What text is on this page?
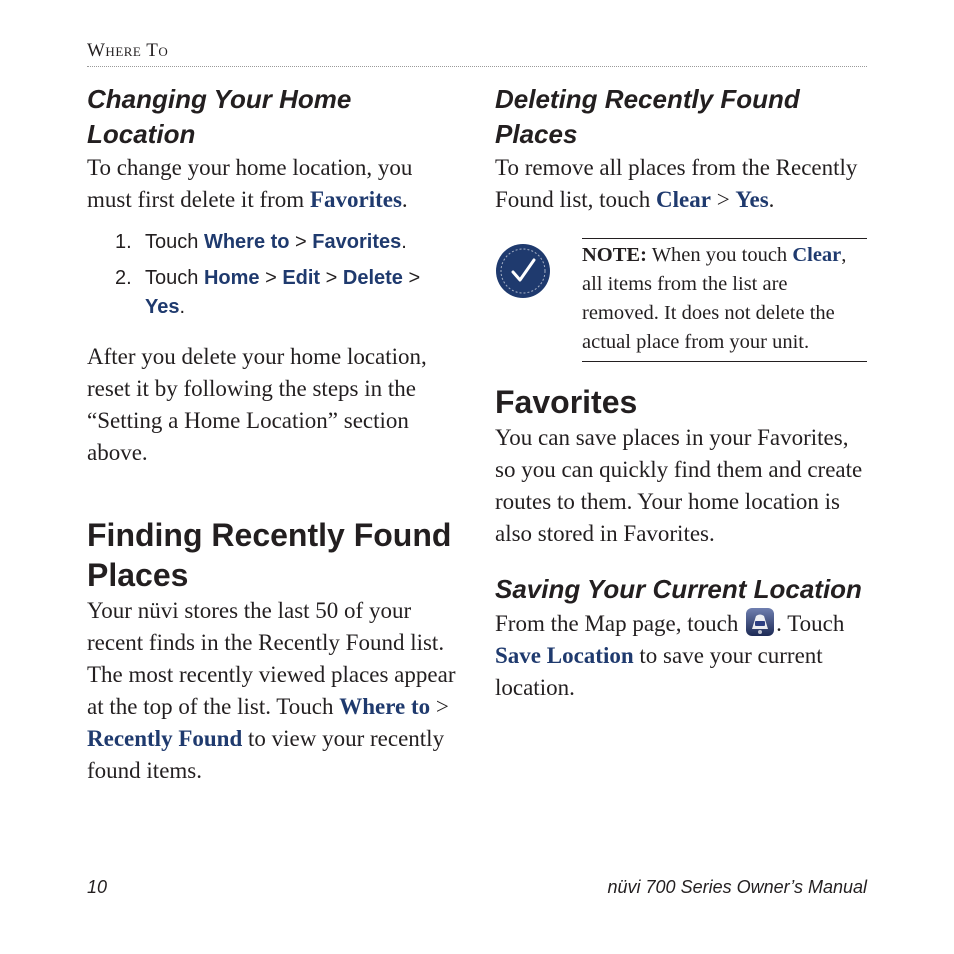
Where To
Changing Your Home Location

To change your home location, you must first delete it from Favorites.

1. Touch Where to > Favorites.
2. Touch Home > Edit > Delete > Yes.

After you delete your home location, reset it by following the steps in the “Setting a Home Location” section above.

Finding Recently Found Places

Your nüvi stores the last 50 of your recent finds in the Recently Found list. The most recently viewed places appear at the top of the list. Touch Where to > Recently Found to view your recently found items.

Deleting Recently Found Places

To remove all places from the Recently Found list, touch Clear > Yes.

NOTE: When you touch Clear, all items from the list are removed. It does not delete the actual place from your unit.

Favorites

You can save places in your Favorites, so you can quickly find them and create routes to them. Your home location is also stored in Favorites.

Saving Your Current Location

From the Map page, touch . Touch Save Location to save your current location.

10	nüvi 700 Series Owner’s Manual
